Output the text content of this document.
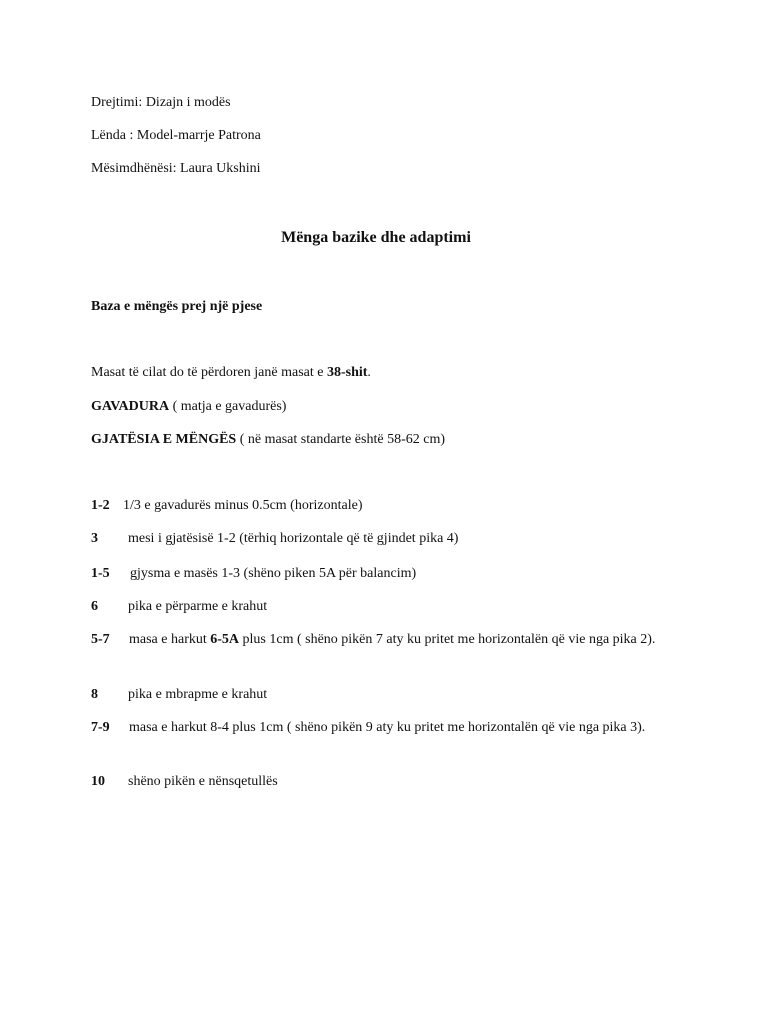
Drejtimi: Dizajn i modës
Lënda : Model-marrje Patrona
Mësimdhënësi: Laura Ukshini
Mënga bazike dhe adaptimi
Baza e mëngës prej një pjese
Masat të cilat do të përdoren janë masat e 38-shit.
GAVADURA ( matja e gavadurës)
GJATËSIA E MËNGËS ( në masat standarte është 58-62 cm)
1-2 1/3 e gavadurës minus 0.5cm (horizontale)
3 mesi i gjatësisë 1-2 (tërhiq horizontale që të gjindet pika 4)
1-5 gjysma e masës 1-3 (shëno piken 5A për balancim)
6 pika e përparme e krahut
5-7 masa e harkut 6-5A plus 1cm ( shëno pikën 7 aty ku pritet me horizontalën që vie nga pika 2).
8 pika e mbrapme e krahut
7-9 masa e harkut 8-4 plus 1cm ( shëno pikën 9 aty ku pritet me horizontalën që vie nga pika 3).
10 shëno pikën e nënsqetullës
